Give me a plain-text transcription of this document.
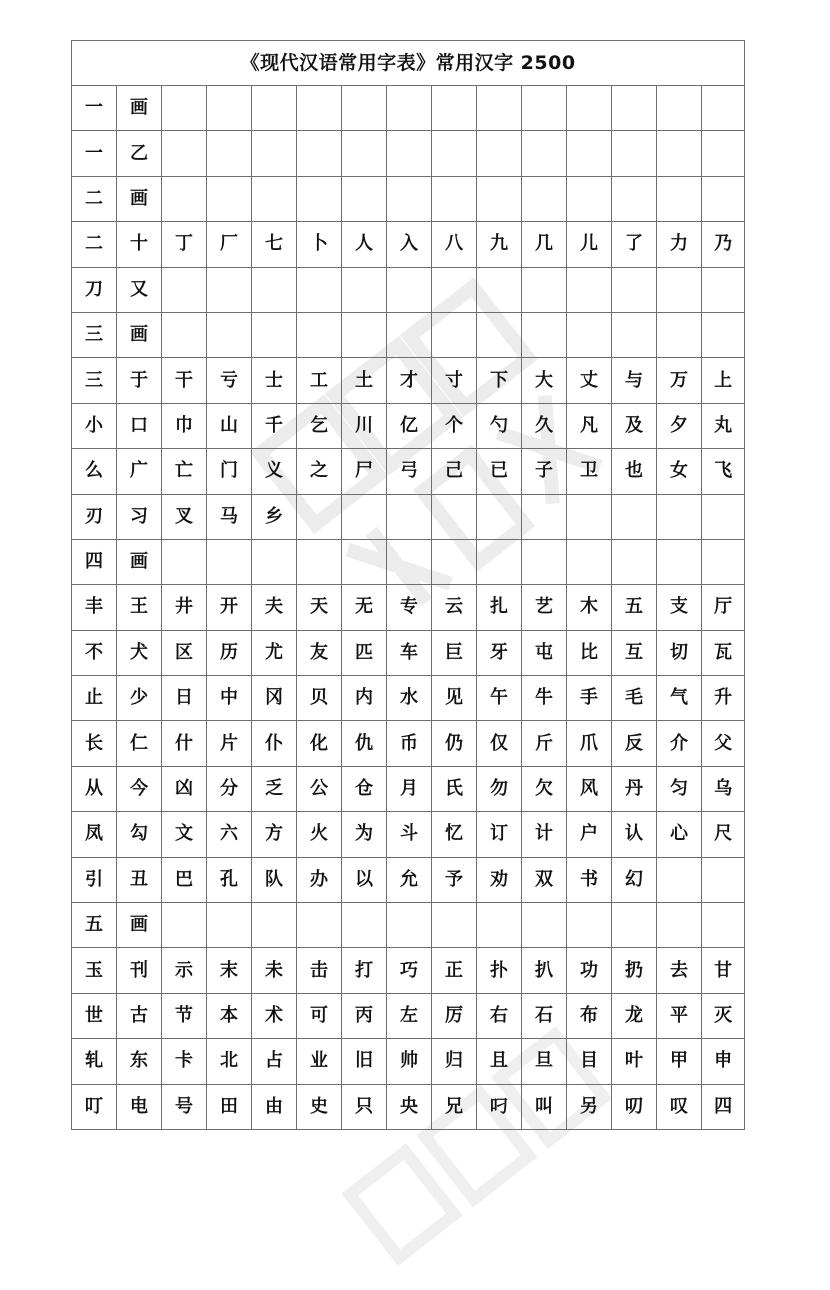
《现代汉语常用字表》常用汉字 2500														
一	画													
一	乙													
二	画													
二	十	丁	厂	七	卜	人	入	八	九	几	儿	了	力	乃
刀	又													
三	画													
三	于	干	亏	士	工	土	才	寸	下	大	丈	与	万	上
小	口	巾	山	千	乞	川	亿	个	勺	久	凡	及	夕	丸
么	广	亡	门	义	之	尸	弓	己	已	子	卫	也	女	飞
刃	习	叉	马	乡										
四	画													
丰	王	井	开	夫	天	无	专	云	扎	艺	木	五	支	厅
不	犬	区	历	尤	友	匹	车	巨	牙	屯	比	互	切	瓦
止	少	日	中	冈	贝	内	水	见	午	牛	手	毛	气	升
长	仁	什	片	仆	化	仇	币	仍	仅	斤	爪	反	介	父
从	今	凶	分	乏	公	仓	月	氏	勿	欠	风	丹	匀	乌
凤	勾	文	六	方	火	为	斗	忆	订	计	户	认	心	尺
引	丑	巴	孔	队	办	以	允	予	劝	双	书	幻		
五	画													
玉	刊	示	末	未	击	打	巧	正	扑	扒	功	扔	去	甘
世	古	节	本	术	可	丙	左	厉	右	石	布	龙	平	灭
轧	东	卡	北	占	业	旧	帅	归	且	旦	目	叶	甲	申
叮	电	号	田	由	史	只	央	兄	叼	叫	另	叨	叹	四
